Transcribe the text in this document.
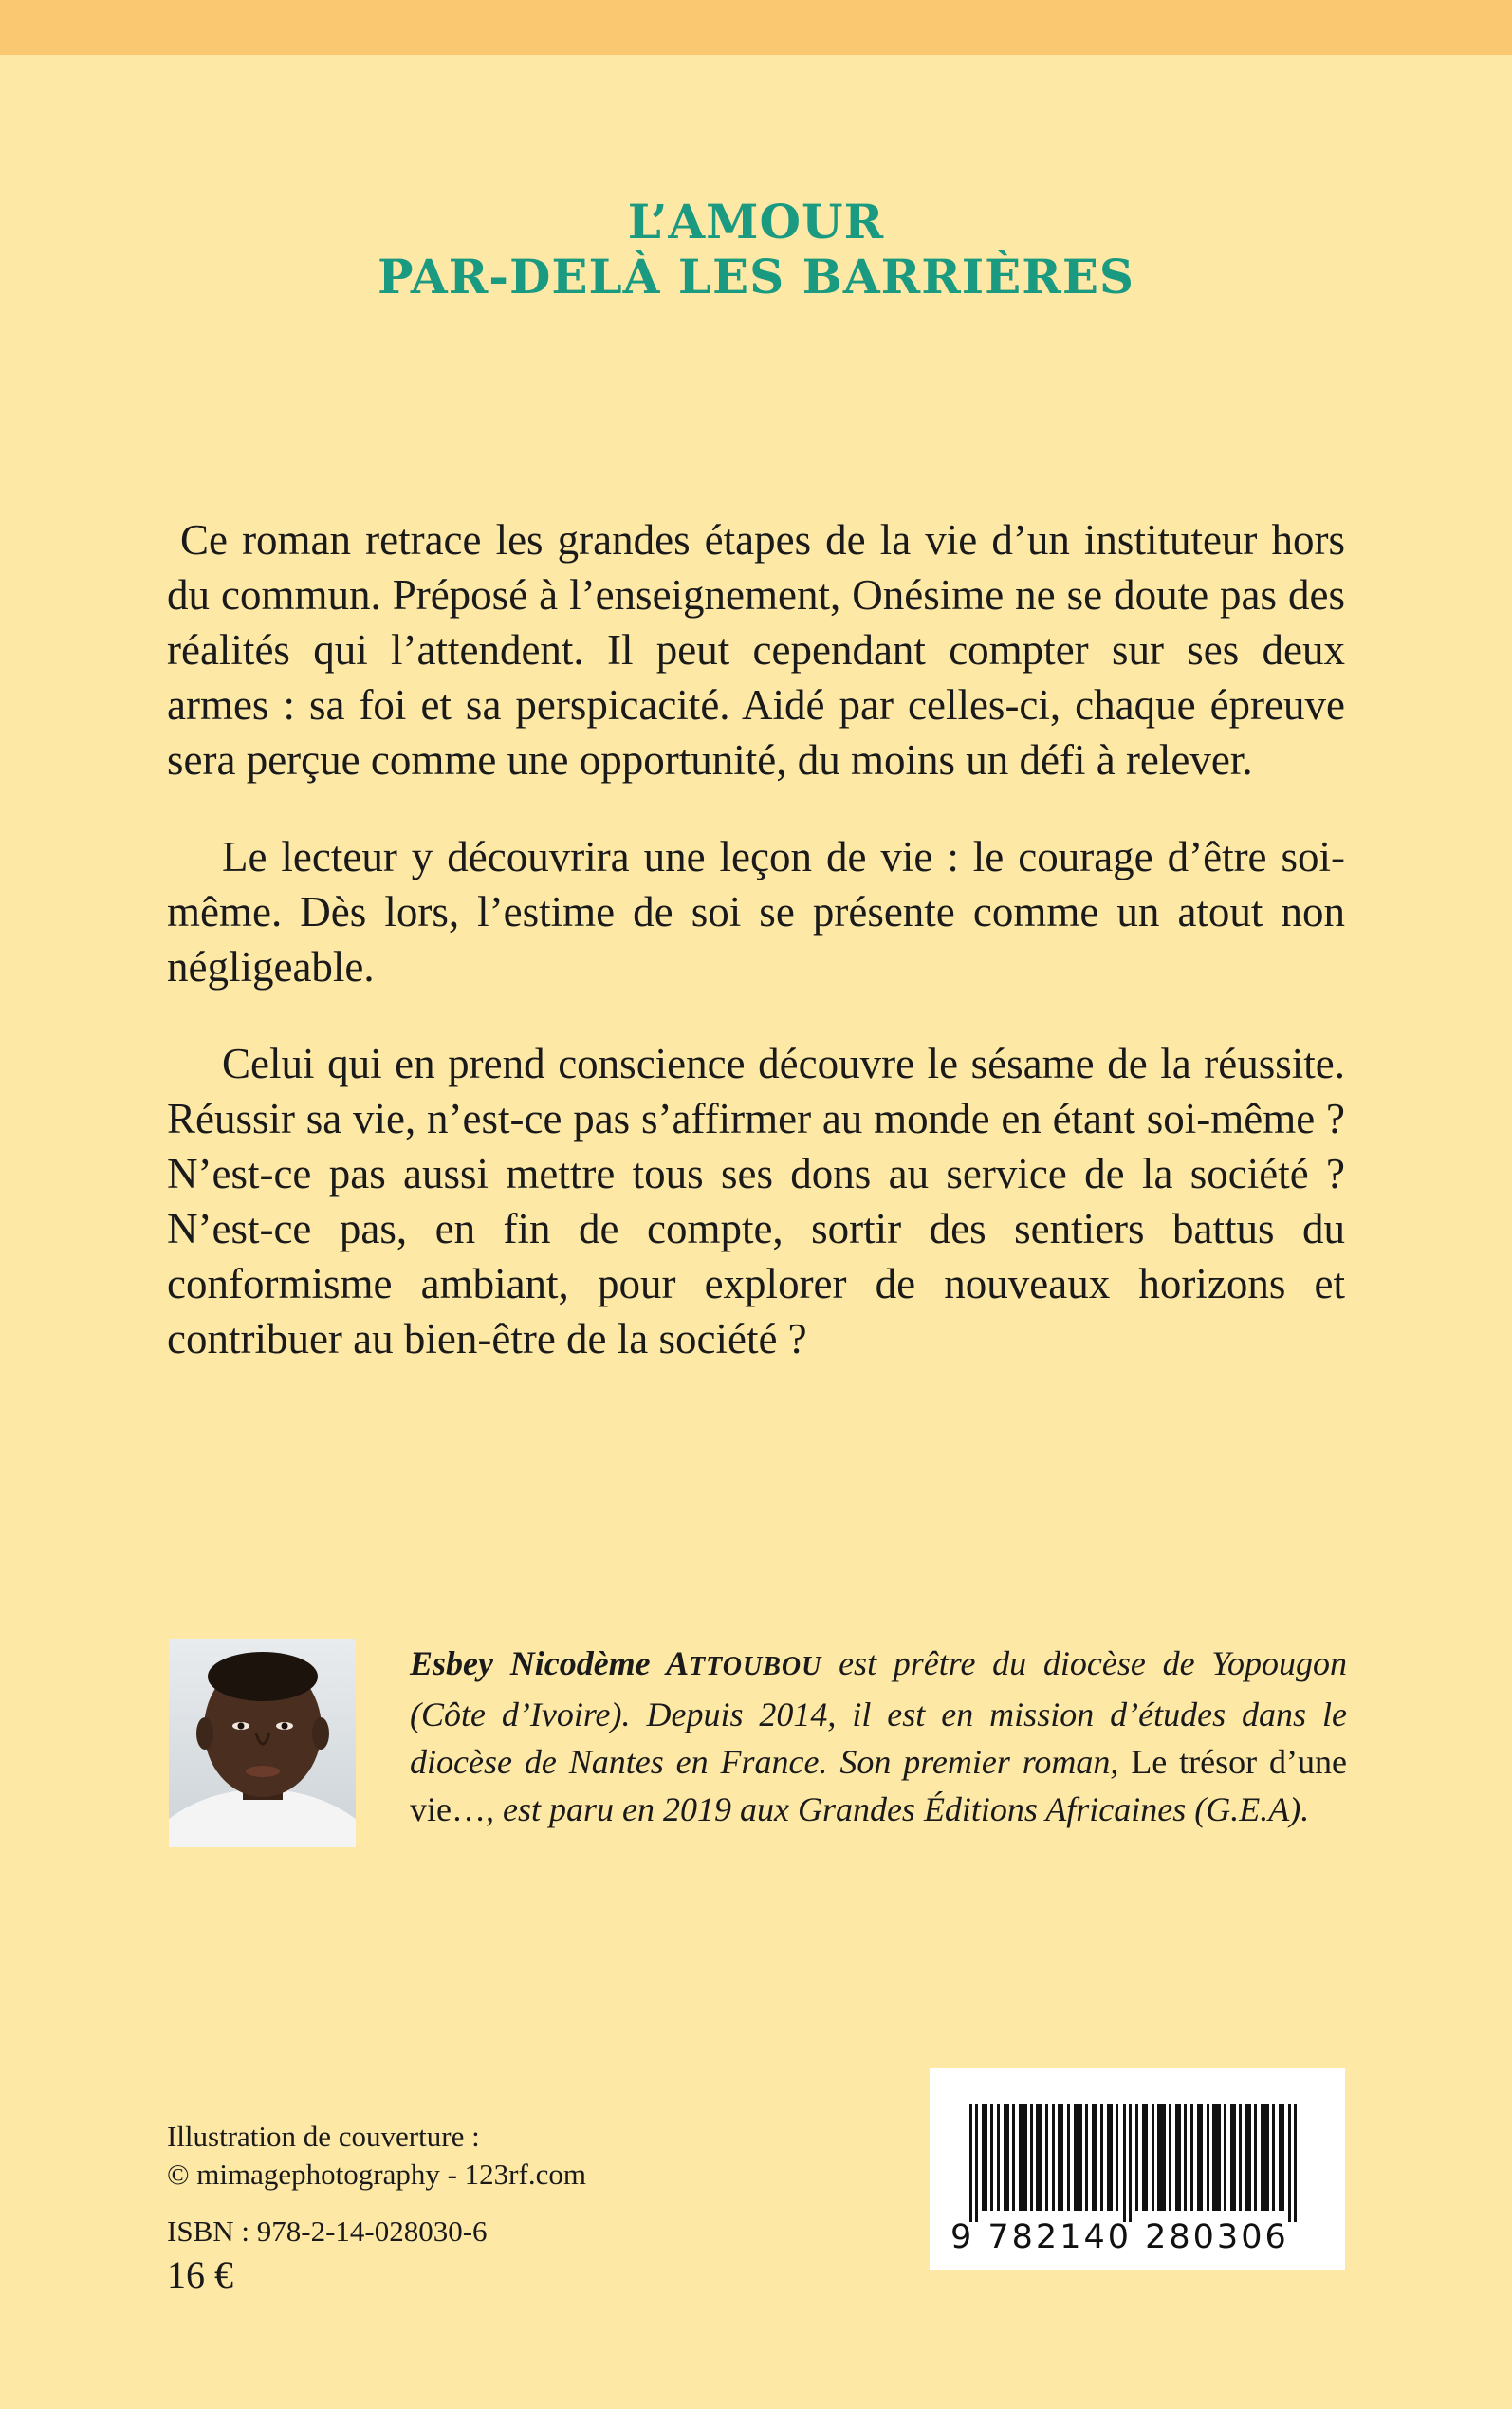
L’AMOUR
PAR-DELÀ LES BARRIÈRES

Ce roman retrace les grandes étapes de la vie d’un instituteur hors du commun. Préposé à l’enseignement, Onésime ne se doute pas des réalités qui l’attendent. Il peut cependant compter sur ses deux armes : sa foi et sa perspicacité. Aidé par celles-ci, chaque épreuve sera perçue comme une opportunité, du moins un défi à relever.

Le lecteur y découvrira une leçon de vie : le courage d’être soi-même. Dès lors, l’estime de soi se présente comme un atout non négligeable.

Celui qui en prend conscience découvre le sésame de la réussite. Réussir sa vie, n’est-ce pas s’affirmer au monde en étant soi-même ? N’est-ce pas aussi mettre tous ses dons au service de la société ? N’est-ce pas, en fin de compte, sortir des sentiers battus du conformisme ambiant, pour explorer de nouveaux horizons et contribuer au bien-être de la société ?

Esbey Nicodème ATTOUBOU est prêtre du diocèse de Yopougon (Côte d’Ivoire). Depuis 2014, il est en mission d’études dans le diocèse de Nantes en France. Son premier roman, Le trésor d’une vie…, est paru en 2019 aux Grandes Éditions Africaines (G.E.A).
Illustration de couverture :
© mimagephotography - 123rf.com
ISBN : 978-2-14-028030-6
16 €
9 782140 280306
